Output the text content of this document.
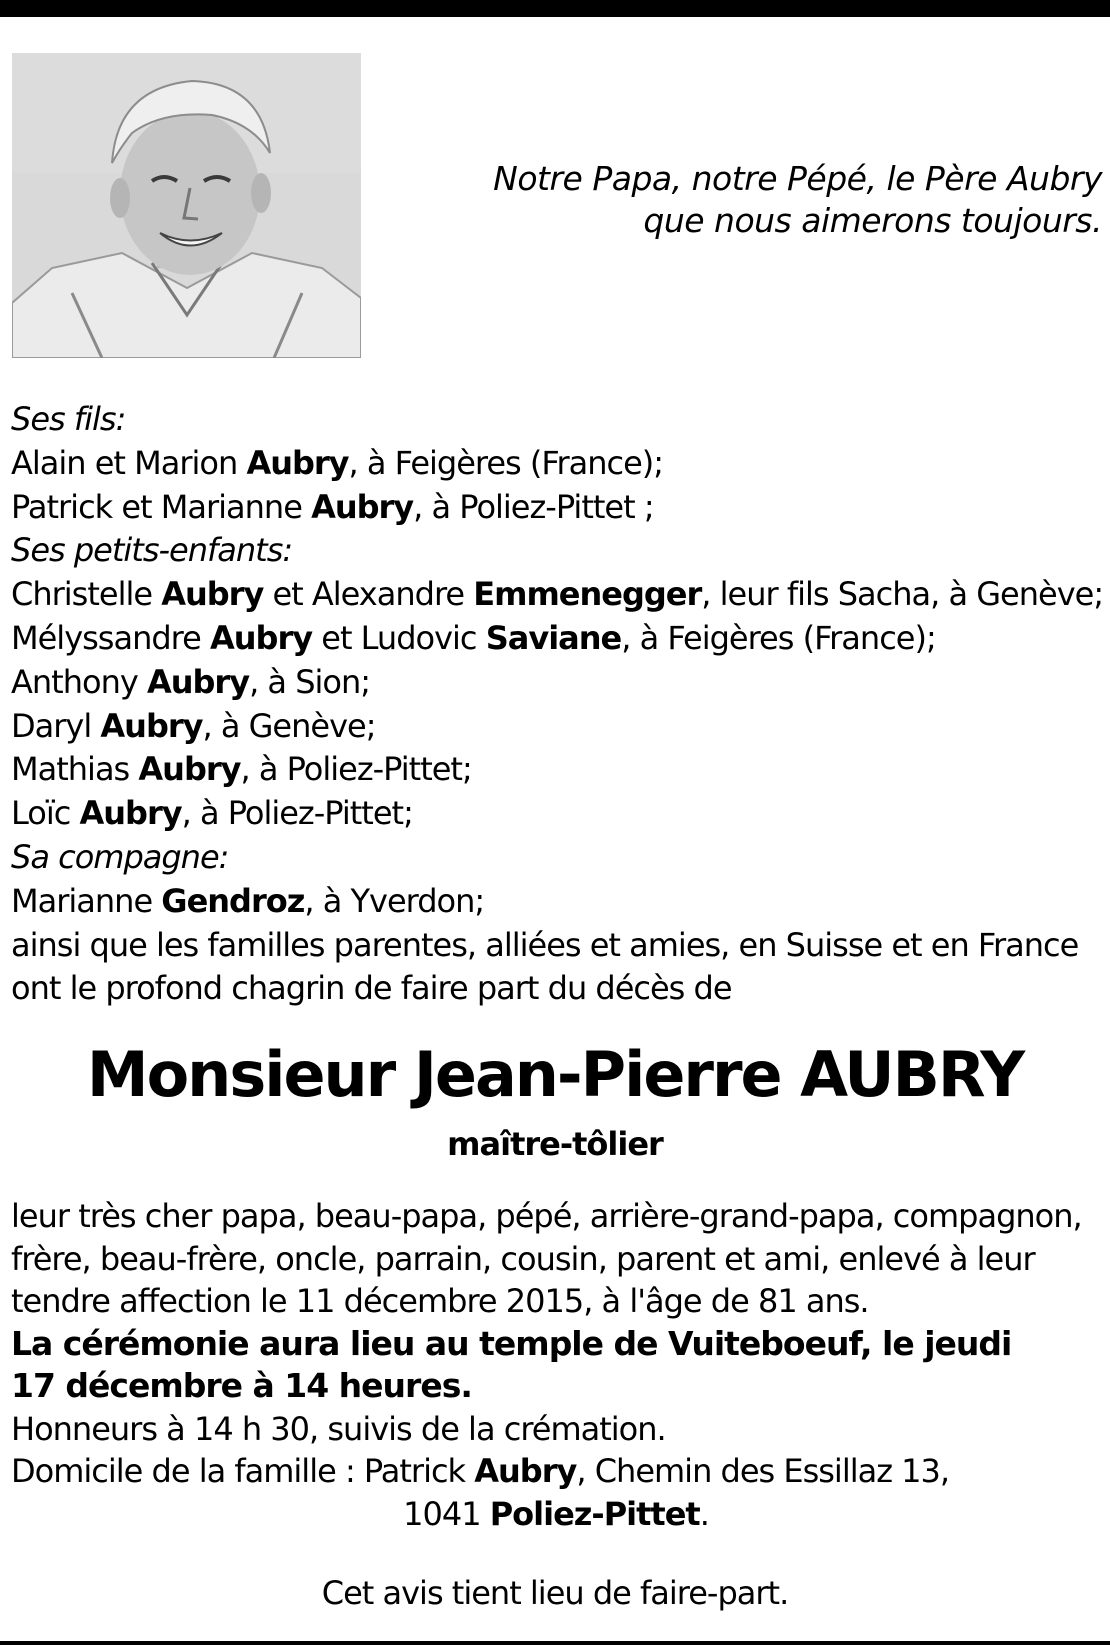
Notre Papa, notre Pépé, le Père Aubry
que nous aimerons toujours.
Ses fils:
Alain et Marion Aubry, à Feigères (France);
Patrick et Marianne Aubry, à Poliez-Pittet ;
Ses petits-enfants:
Christelle Aubry et Alexandre Emmenegger, leur fils Sacha, à Genève;
Mélyssandre Aubry et Ludovic Saviane, à Feigères (France);
Anthony Aubry, à Sion;
Daryl Aubry, à Genève;
Mathias Aubry, à Poliez-Pittet;
Loïc Aubry, à Poliez-Pittet;
Sa compagne:
Marianne Gendroz, à Yverdon;
ainsi que les familles parentes, alliées et amies, en Suisse et en France
ont le profond chagrin de faire part du décès de
Monsieur Jean-Pierre AUBRY
maître-tôlier
leur très cher papa, beau-papa, pépé, arrière-grand-papa, compagnon,
frère, beau-frère, oncle, parrain, cousin, parent et ami, enlevé à leur
tendre affection le 11 décembre 2015, à l'âge de 81 ans.
La cérémonie aura lieu au temple de Vuiteboeuf, le jeudi
17 décembre à 14 heures.
Honneurs à 14 h 30, suivis de la crémation.
Domicile de la famille : Patrick Aubry, Chemin des Essillaz 13,
1041 Poliez-Pittet.
Cet avis tient lieu de faire-part.
